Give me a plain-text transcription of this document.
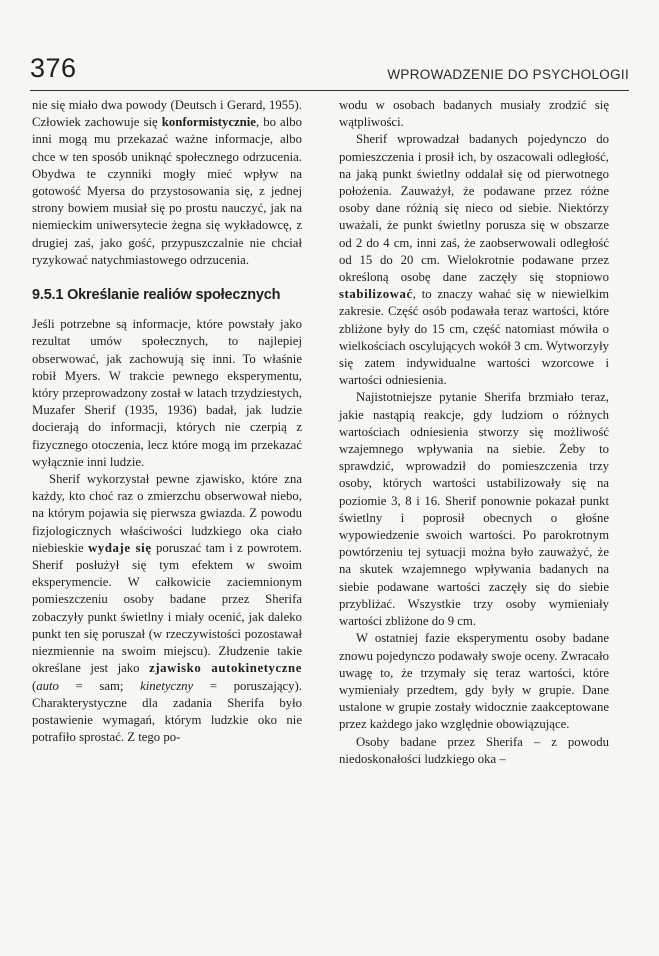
376	WPROWADZENIE DO PSYCHOLOGII

nie się miało dwa powody (Deutsch i Gerard, 1955). Człowiek zachowuje się konformistycznie, bo albo inni mogą mu przekazać ważne informacje, albo chce w ten sposób uniknąć społecznego odrzucenia. Obydwa te czynniki mogły mieć wpływ na gotowość Myersa do przystosowania się, z jednej strony bowiem musiał się po prostu nauczyć, jak na niemieckim uniwersytecie żegna się wykładowcę, z drugiej zaś, jako gość, przypuszczalnie nie chciał ryzykować natychmiastowego odrzucenia.

9.5.1 Określanie realiów społecznych

Jeśli potrzebne są informacje, które powstały jako rezultat umów społecznych, to najlepiej obserwować, jak zachowują się inni. To właśnie robił Myers. W trakcie pewnego eksperymentu, który przeprowadzony został w latach trzydziestych, Muzafer Sherif (1935, 1936) badał, jak ludzie docierają do informacji, których nie czerpią z fizycznego otoczenia, lecz które mogą im przekazać wyłącznie inni ludzie.

Sherif wykorzystał pewne zjawisko, które zna każdy, kto choć raz o zmierzchu obserwował niebo, na którym pojawia się pierwsza gwiazda. Z powodu fizjologicznych właściwości ludzkiego oka ciało niebieskie wydaje się poruszać tam i z powrotem. Sherif posłużył się tym efektem w swoim eksperymencie. W całkowicie zaciemnionym pomieszczeniu osoby badane przez Sherifa zobaczyły punkt świetlny i miały ocenić, jak daleko punkt ten się poruszał (w rzeczywistości pozostawał niezmiennie na swoim miejscu). Złudzenie takie określane jest jako zjawisko autokinetyczne (auto = sam; kinetyczny = poruszający). Charakterystyczne dla zadania Sherifa było postawienie wymagań, którym ludzkie oko nie potrafiło sprostać. Z tego po-

wodu w osobach badanych musiały zrodzić się wątpliwości.

Sherif wprowadzał badanych pojedynczo do pomieszczenia i prosił ich, by oszacowali odległość, na jaką punkt świetlny oddalał się od pierwotnego położenia. Zauważył, że podawane przez różne osoby dane różnią się nieco od siebie. Niektórzy uważali, że punkt świetlny porusza się w obszarze od 2 do 4 cm, inni zaś, że zaobserwowali odległość od 15 do 20 cm. Wielokrotnie podawane przez określoną osobę dane zaczęły się stopniowo stabilizować, to znaczy wahać się w niewielkim zakresie. Część osób podawała teraz wartości, które zbliżone były do 15 cm, część natomiast mówiła o wielkościach oscylujących wokół 3 cm. Wytworzyły się zatem indywidualne wartości wzorcowe i wartości odniesienia.

Najistotniejsze pytanie Sherifa brzmiało teraz, jakie nastąpią reakcje, gdy ludziom o różnych wartościach odniesienia stworzy się możliwość wzajemnego wpływania na siebie. Żeby to sprawdzić, wprowadził do pomieszczenia trzy osoby, których wartości ustabilizowały się na poziomie 3, 8 i 16. Sherif ponownie pokazał punkt świetlny i poprosił obecnych o głośne wypowiedzenie swoich wartości. Po parokrotnym powtórzeniu tej sytuacji można było zauważyć, że na skutek wzajemnego wpływania badanych na siebie podawane wartości zaczęły się do siebie przybliżać. Wszystkie trzy osoby wymieniały wartości zbliżone do 9 cm.

W ostatniej fazie eksperymentu osoby badane znowu pojedynczo podawały swoje oceny. Zwracało uwagę to, że trzymały się teraz wartości, które wymieniały przedtem, gdy były w grupie. Dane ustalone w grupie zostały widocznie zaakceptowane przez każdego jako względnie obowiązujące.

Osoby badane przez Sherifa – z powodu niedoskonałości ludzkiego oka –
